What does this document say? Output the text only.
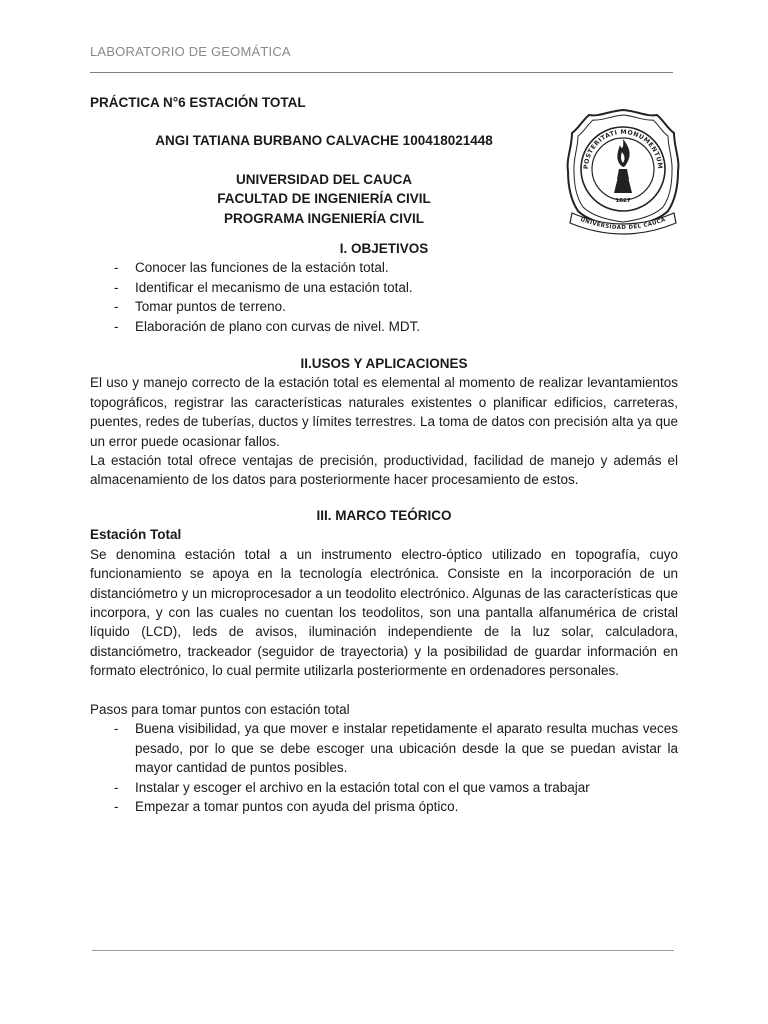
LABORATORIO DE GEOMÁTICA

PRÁCTICA N°6 ESTACIÓN TOTAL

ANGI TATIANA BURBANO CALVACHE 100418021448

UNIVERSIDAD DEL CAUCA

FACULTAD DE INGENIERÍA CIVIL

PROGRAMA INGENIERÍA CIVIL

POSTERITATI MONUMENTUM
1827
UNIVERSIDAD DEL CAUCA

I. OBJETIVOS

- Conocer las funciones de la estación total.
- Identificar el mecanismo de una estación total.
- Tomar puntos de terreno.
- Elaboración de plano con curvas de nivel. MDT.

II.USOS Y APLICACIONES

El uso y manejo correcto de la estación total es elemental al momento de realizar levantamientos topográficos, registrar las características naturales existentes o planificar edificios, carreteras, puentes, redes de tuberías, ductos y límites terrestres. La toma de datos con precisión alta ya que un error puede ocasionar fallos.

La estación total ofrece ventajas de precisión, productividad, facilidad de manejo y además el almacenamiento de los datos para posteriormente hacer procesamiento de estos.

III. MARCO TEÓRICO

Estación Total

Se denomina estación total a un instrumento electro-óptico utilizado en topografía, cuyo funcionamiento se apoya en la tecnología electrónica. Consiste en la incorporación de un distanciómetro y un microprocesador a un teodolito electrónico. Algunas de las características que incorpora, y con las cuales no cuentan los teodolitos, son una pantalla alfanumérica de cristal líquido (LCD), leds de avisos, iluminación independiente de la luz solar, calculadora, distanciómetro, trackeador (seguidor de trayectoria) y la posibilidad de guardar información en formato electrónico, lo cual permite utilizarla posteriormente en ordenadores personales.

Pasos para tomar puntos con estación total

- Buena visibilidad, ya que mover e instalar repetidamente el aparato resulta muchas veces pesado, por lo que se debe escoger una ubicación desde la que se puedan avistar la mayor cantidad de puntos posibles.
- Instalar y escoger el archivo en la estación total con el que vamos a trabajar
- Empezar a tomar puntos con ayuda del prisma óptico.
